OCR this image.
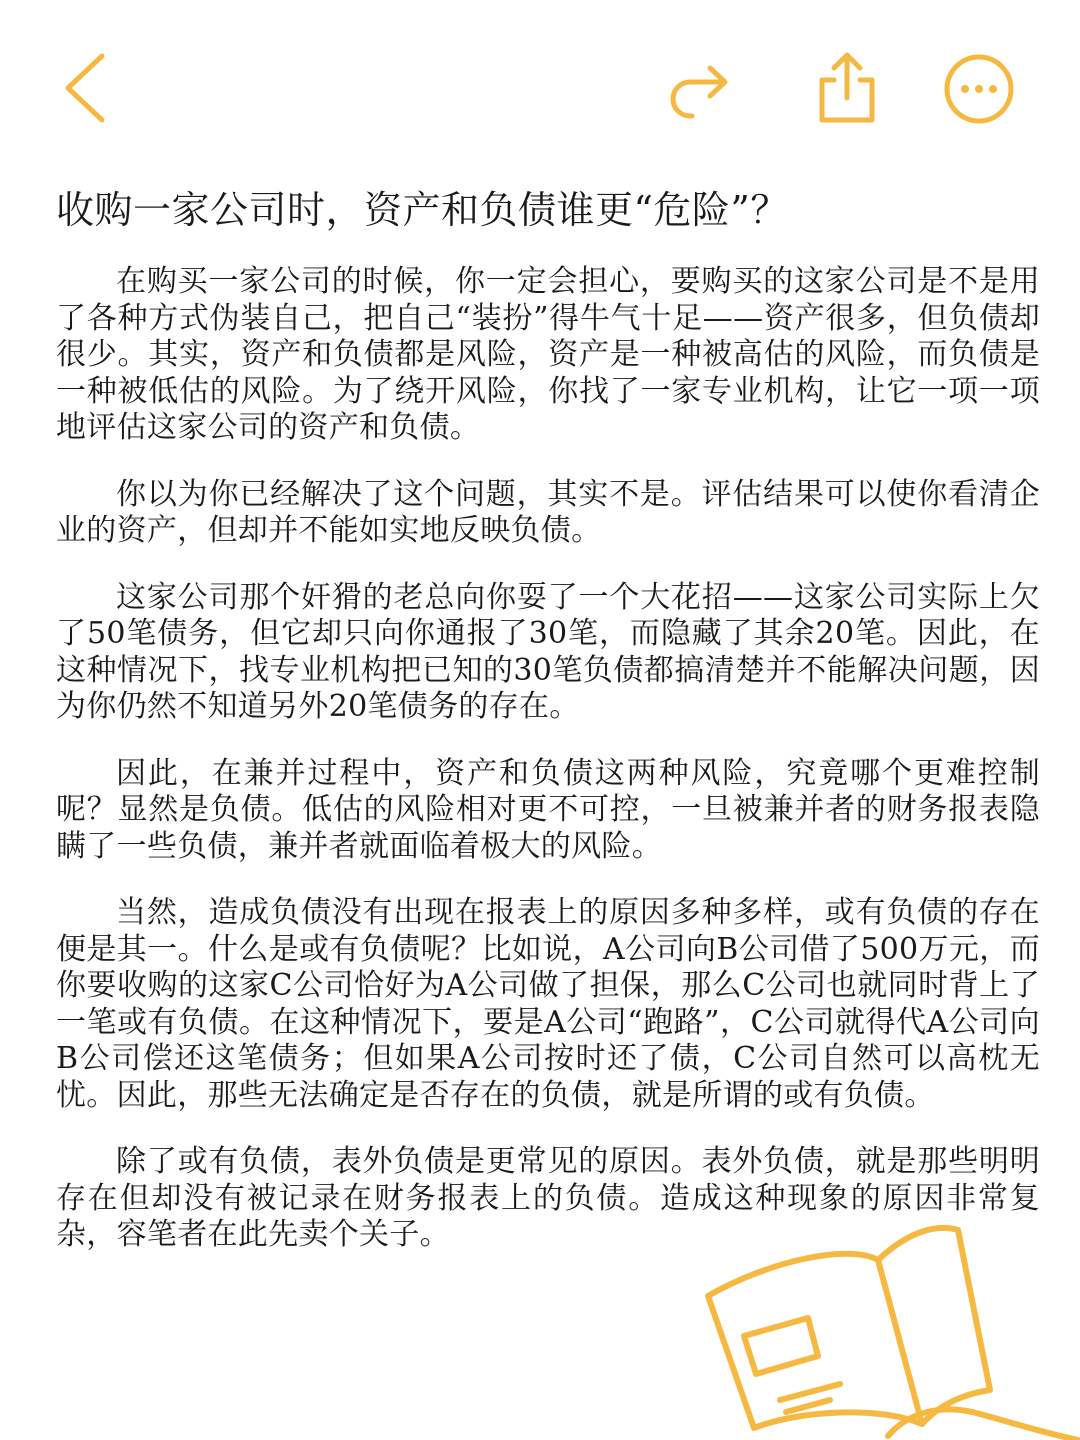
收购一家公司时，资产和负债谁更“危险”？

在购买一家公司的时候，你一定会担心，要购买的这家公司是不是用了各种方式伪装自己，把自己“装扮”得牛气十足——资产很多，但负债却很少。其实，资产和负债都是风险，资产是一种被高估的风险，而负债是一种被低估的风险。为了绕开风险，你找了一家专业机构，让它一项一项地评估这家公司的资产和负债。

你以为你已经解决了这个问题，其实不是。评估结果可以使你看清企业的资产，但却并不能如实地反映负债。

这家公司那个奸猾的老总向你耍了一个大花招——这家公司实际上欠了50笔债务，但它却只向你通报了30笔，而隐藏了其余20笔。因此，在这种情况下，找专业机构把已知的30笔负债都搞清楚并不能解决问题，因为你仍然不知道另外20笔债务的存在。

因此，在兼并过程中，资产和负债这两种风险，究竟哪个更难控制呢？显然是负债。低估的风险相对更不可控，一旦被兼并者的财务报表隐瞒了一些负债，兼并者就面临着极大的风险。

当然，造成负债没有出现在报表上的原因多种多样，或有负债的存在便是其一。什么是或有负债呢？比如说，A公司向B公司借了500万元，而你要收购的这家C公司恰好为A公司做了担保，那么C公司也就同时背上了一笔或有负债。在这种情况下，要是A公司“跑路”，C公司就得代A公司向B公司偿还这笔债务；但如果A公司按时还了债，C公司自然可以高枕无忧。因此，那些无法确定是否存在的负债，就是所谓的或有负债。

除了或有负债，表外负债是更常见的原因。表外负债，就是那些明明存在但却没有被记录在财务报表上的负债。造成这种现象的原因非常复杂，容笔者在此先卖个关子。
